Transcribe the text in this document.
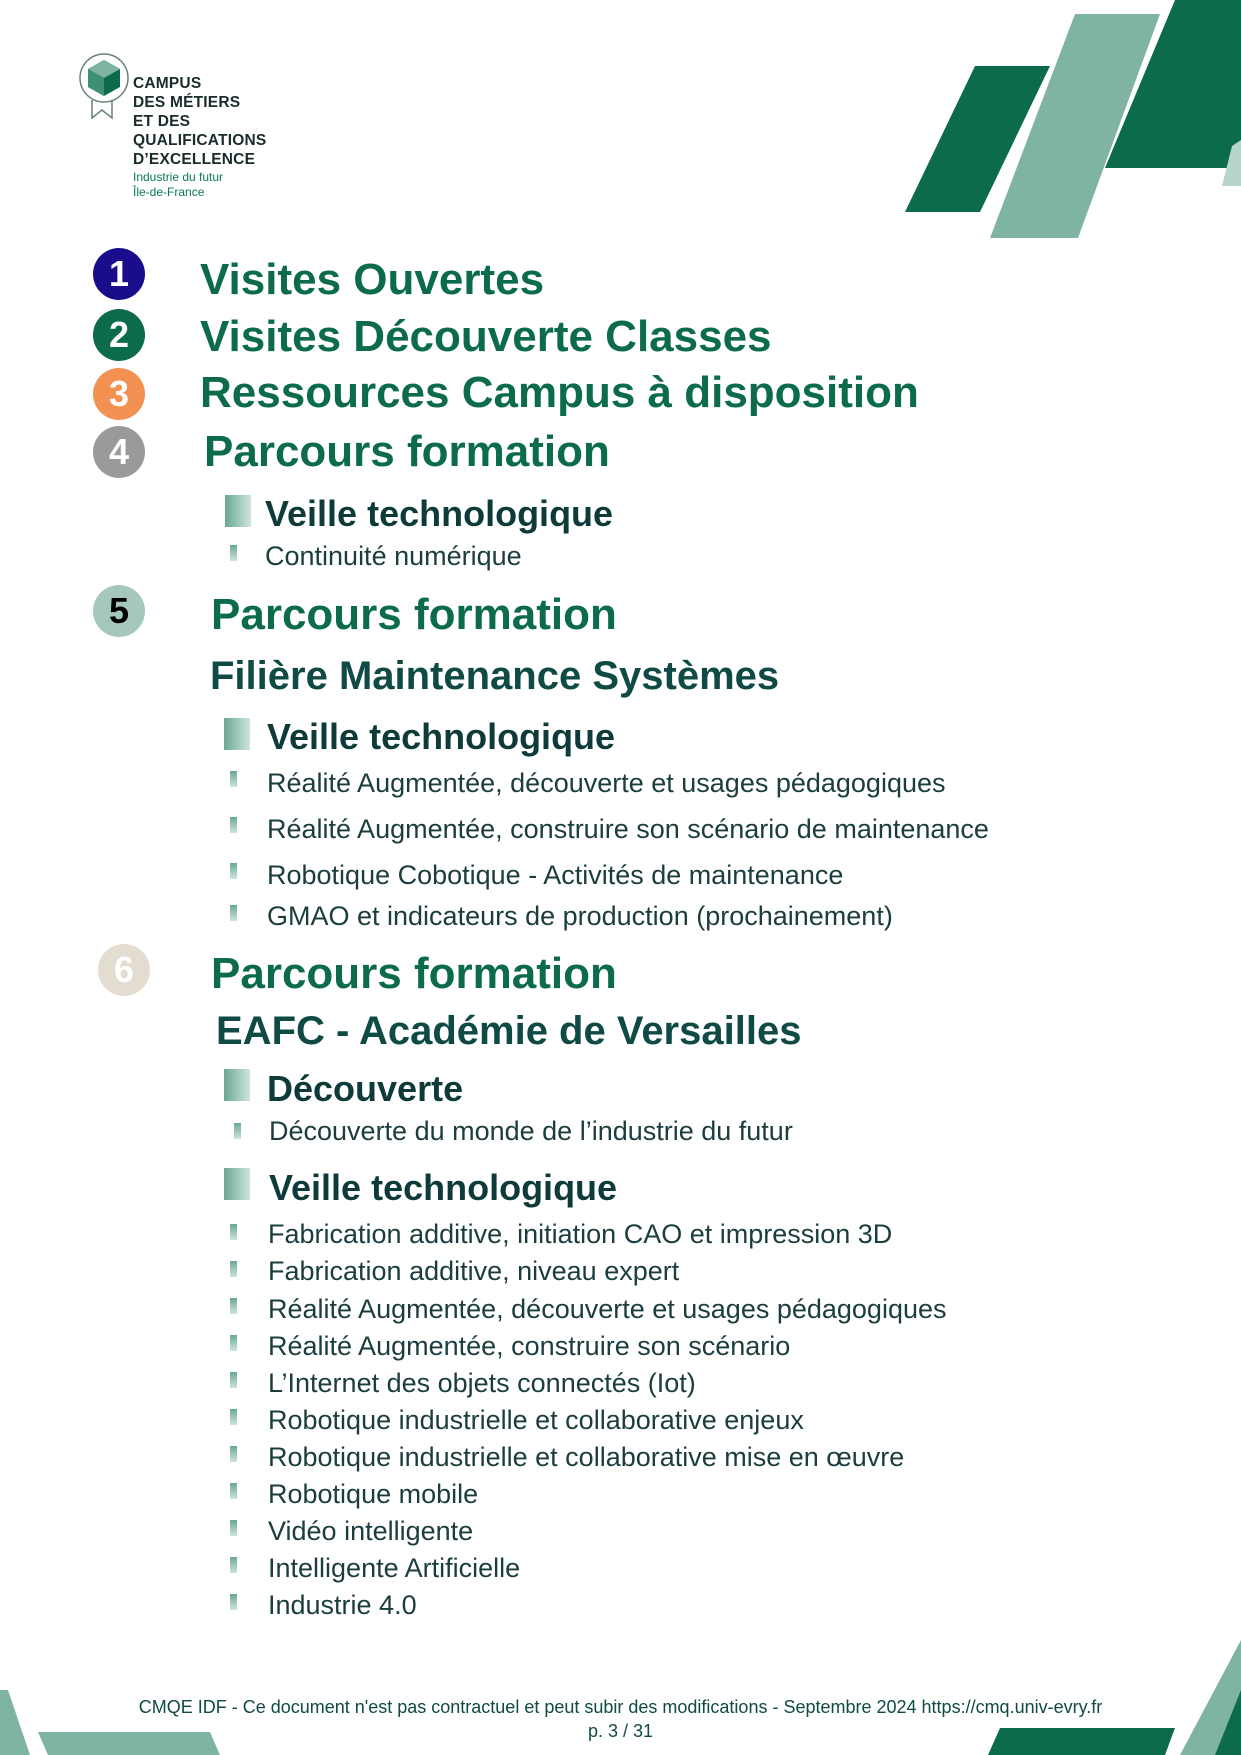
CAMPUS
DES MÉTIERS
ET DES
QUALIFICATIONS
D’EXCELLENCE
Industrie du futur
Île-de-France
1	Visites Ouvertes
2	Visites Découverte Classes
3	Ressources Campus à disposition
4	Parcours formation
Veille technologique
Continuité numérique
5	Parcours formation
Filière Maintenance Systèmes
Veille technologique
Réalité Augmentée, découverte et usages pédagogiques
Réalité Augmentée, construire son scénario de maintenance
Robotique Cobotique - Activités de maintenance
GMAO et indicateurs de production (prochainement)
6	Parcours formation
EAFC - Académie de Versailles
Découverte
Découverte du monde de l’industrie du futur
Veille technologique
Fabrication additive, initiation CAO et impression 3D
Fabrication additive, niveau expert
Réalité Augmentée, découverte et usages pédagogiques
Réalité Augmentée, construire son scénario
L’Internet des objets connectés (Iot)
Robotique industrielle et collaborative enjeux
Robotique industrielle et collaborative mise en œuvre
Robotique mobile
Vidéo intelligente
Intelligente Artificielle
Industrie 4.0
CMQE IDF - Ce document n'est pas contractuel et peut subir des modifications - Septembre 2024 https://cmq.univ-evry.fr
p. 3 / 31
